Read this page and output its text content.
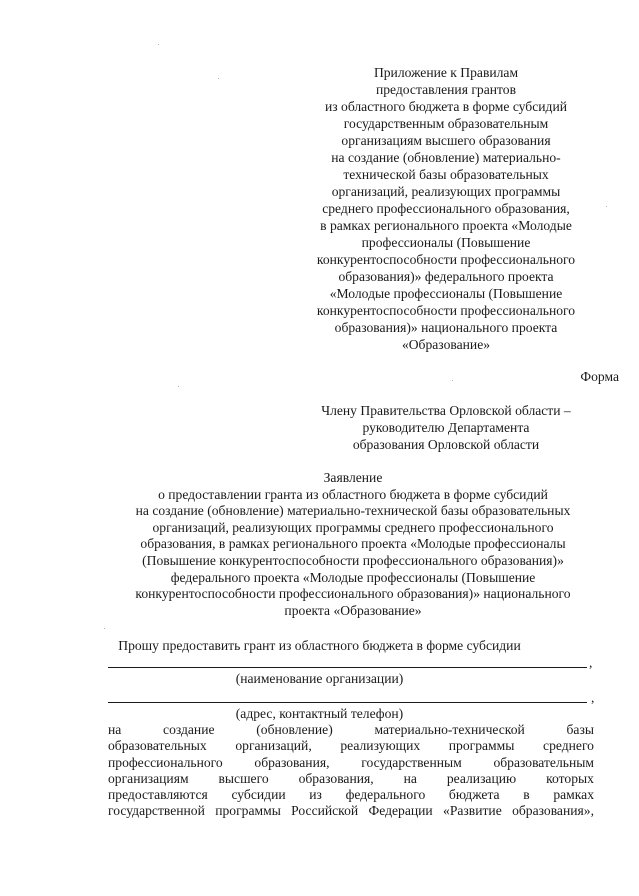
Приложение к Правилам
предоставления грантов
из областного бюджета в форме субсидий
государственным образовательным
организациям высшего образования
на создание (обновление) материально-
технической базы образовательных
организаций, реализующих программы
среднего профессионального образования,
в рамках регионального проекта «Молодые
профессионалы (Повышение
конкурентоспособности профессионального
образования)» федерального проекта
«Молодые профессионалы (Повышение
конкурентоспособности профессионального
образования)» национального проекта
«Образование»
Форма
Члену Правительства Орловской области –
руководителю Департамента
образования Орловской области
Заявление
о предоставлении гранта из областного бюджета в форме субсидий
на создание (обновление) материально-технической базы образовательных
организаций, реализующих программы среднего профессионального
образования, в рамках регионального проекта «Молодые профессионалы
(Повышение конкурентоспособности профессионального образования)»
федерального проекта «Молодые профессионалы (Повышение
конкурентоспособности профессионального образования)» национального
проекта «Образование»
Прошу предоставить грант из областного бюджета в форме субсидии
,
(наименование организации)
,
(адрес, контактный телефон)
на	создание	(обновление)	материально-технической	базы
образовательных организаций, реализующих программы среднего
профессионального образования, государственным образовательным
организациям высшего образования, на реализацию которых
предоставляются субсидии из федерального бюджета в рамках
государственной программы Российской Федерации «Развитие образования»,
